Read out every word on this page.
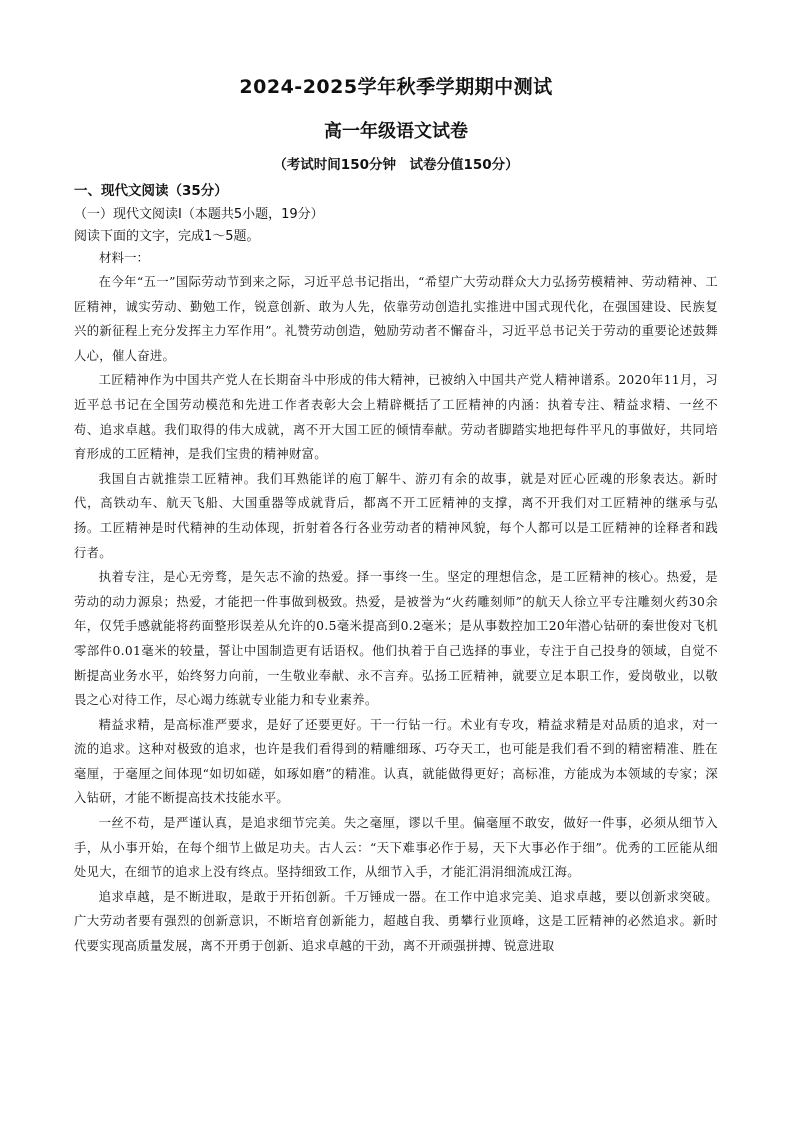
2024-2025学年秋季学期期中测试
高一年级语文试卷
（考试时间150分钟　试卷分值150分）
一、现代文阅读（35分）
（一）现代文阅读Ⅰ（本题共5小题，19分）
阅读下面的文字，完成1～5题。
材料一：

在今年“五一”国际劳动节到来之际，习近平总书记指出，“希望广大劳动群众大力弘扬劳模精神、劳动精神、工匠精神，诚实劳动、勤勉工作，锐意创新、敢为人先，依靠劳动创造扎实推进中国式现代化，在强国建设、民族复兴的新征程上充分发挥主力军作用”。礼赞劳动创造，勉励劳动者不懈奋斗，习近平总书记关于劳动的重要论述鼓舞人心，催人奋进。

工匠精神作为中国共产党人在长期奋斗中形成的伟大精神，已被纳入中国共产党人精神谱系。2020年11月，习近平总书记在全国劳动模范和先进工作者表彰大会上精辟概括了工匠精神的内涵：执着专注、精益求精、一丝不苟、追求卓越。我们取得的伟大成就，离不开大国工匠的倾情奉献。劳动者脚踏实地把每件平凡的事做好，共同培育形成的工匠精神，是我们宝贵的精神财富。

我国自古就推崇工匠精神。我们耳熟能详的庖丁解牛、游刃有余的故事，就是对匠心匠魂的形象表达。新时代，高铁动车、航天飞船、大国重器等成就背后，都离不开工匠精神的支撑，离不开我们对工匠精神的继承与弘扬。工匠精神是时代精神的生动体现，折射着各行各业劳动者的精神风貌，每个人都可以是工匠精神的诠释者和践行者。

执着专注，是心无旁骛，是矢志不渝的热爱。择一事终一生。坚定的理想信念，是工匠精神的核心。热爱，是劳动的动力源泉；热爱，才能把一件事做到极致。热爱，是被誉为“火药雕刻师”的航天人徐立平专注雕刻火药30余年，仅凭手感就能将药面整形误差从允许的0.5毫米提高到0.2毫米；是从事数控加工20年潜心钻研的秦世俊对飞机零部件0.01毫米的较量，誓让中国制造更有话语权。他们执着于自己选择的事业，专注于自己投身的领域，自觉不断提高业务水平，始终努力向前，一生敬业奉献、永不言弃。弘扬工匠精神，就要立足本职工作，爱岗敬业，以敬畏之心对待工作，尽心竭力练就专业能力和专业素养。

精益求精，是高标准严要求，是好了还要更好。干一行钻一行。术业有专攻，精益求精是对品质的追求，对一流的追求。这种对极致的追求，也许是我们看得到的精雕细琢、巧夺天工，也可能是我们看不到的精密精准、胜在毫厘，于毫厘之间体现“如切如磋，如琢如磨”的精准。认真，就能做得更好；高标准，方能成为本领域的专家；深入钻研，才能不断提高技术技能水平。

一丝不苟，是严谨认真，是追求细节完美。失之毫厘，谬以千里。偏毫厘不敢安，做好一件事，必须从细节入手，从小事开始，在每个细节上做足功夫。古人云：“天下难事必作于易，天下大事必作于细”。优秀的工匠能从细处见大，在细节的追求上没有终点。坚持细致工作，从细节入手，才能汇涓涓细流成江海。

追求卓越，是不断进取，是敢于开拓创新。千万锤成一器。在工作中追求完美、追求卓越，要以创新求突破。广大劳动者要有强烈的创新意识，不断培育创新能力，超越自我、勇攀行业顶峰，这是工匠精神的必然追求。新时代要实现高质量发展，离不开勇于创新、追求卓越的干劲，离不开顽强拼搏、锐意进取
